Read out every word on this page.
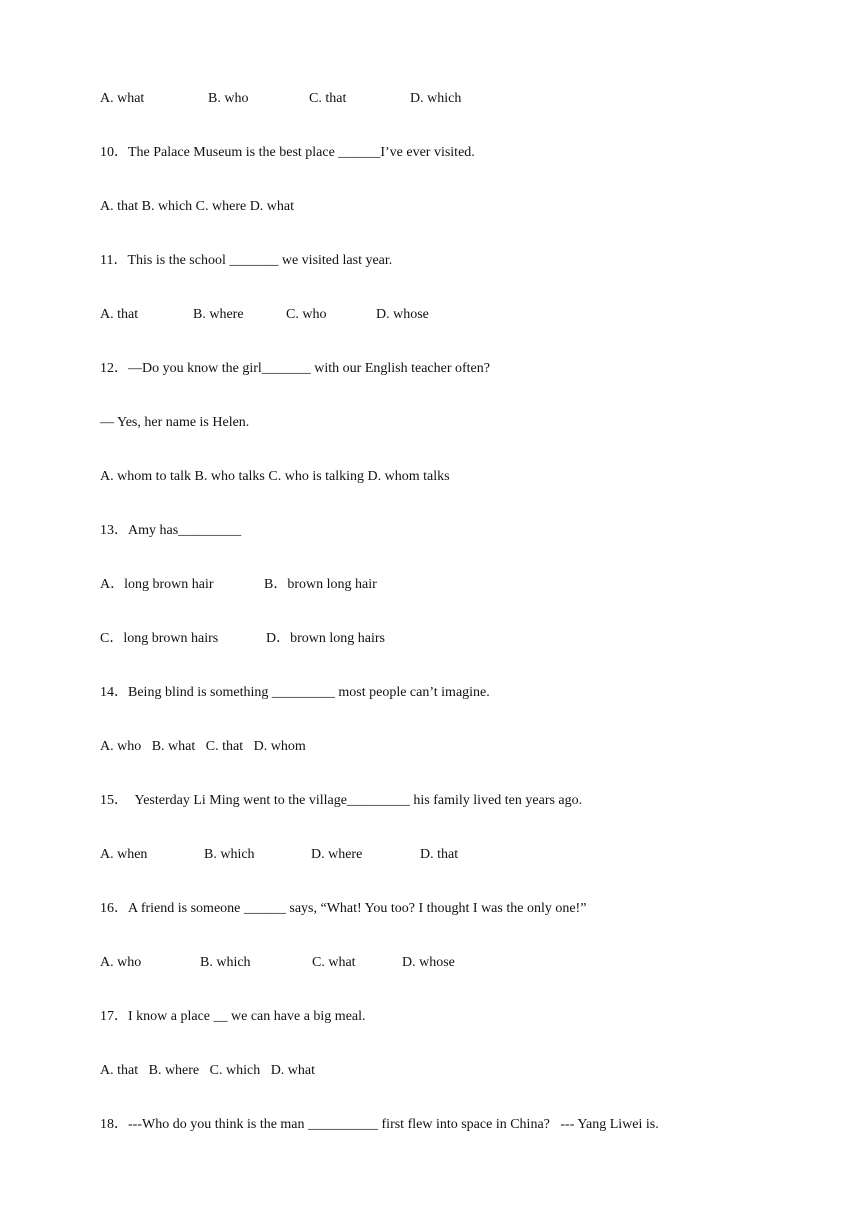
A. what	B. who	C. that	D. which
10．The Palace Museum is the best place ______I’ve ever visited.
A. that B. which C. where D. what
11．This is the school _______ we visited last year.
A. that	B. where	C. who	D. whose
12．—Do you know the girl_______ with our English teacher often?
— Yes, her name is Helen.
A. whom to talk B. who talks C. who is talking D. whom talks
13．Amy has_________
A．long brown hair	B．brown long hair
C．long brown hairs	D．brown long hairs
14．Being blind is something _________ most people can’t imagine.
A. who   B. what   C. that   D. whom
15．  Yesterday Li Ming went to the village_________ his family lived ten years ago.
A. when	B. which	D. where	D. that
16．A friend is someone ______ says, “What! You too? I thought I was the only one!”
A. who	B. which	C. what	D. whose
17．I know a place __ we can have a big meal.
A. that   B. where   C. which   D. what
18．---Who do you think is the man __________ first flew into space in China?   --- Yang Liwei is.
